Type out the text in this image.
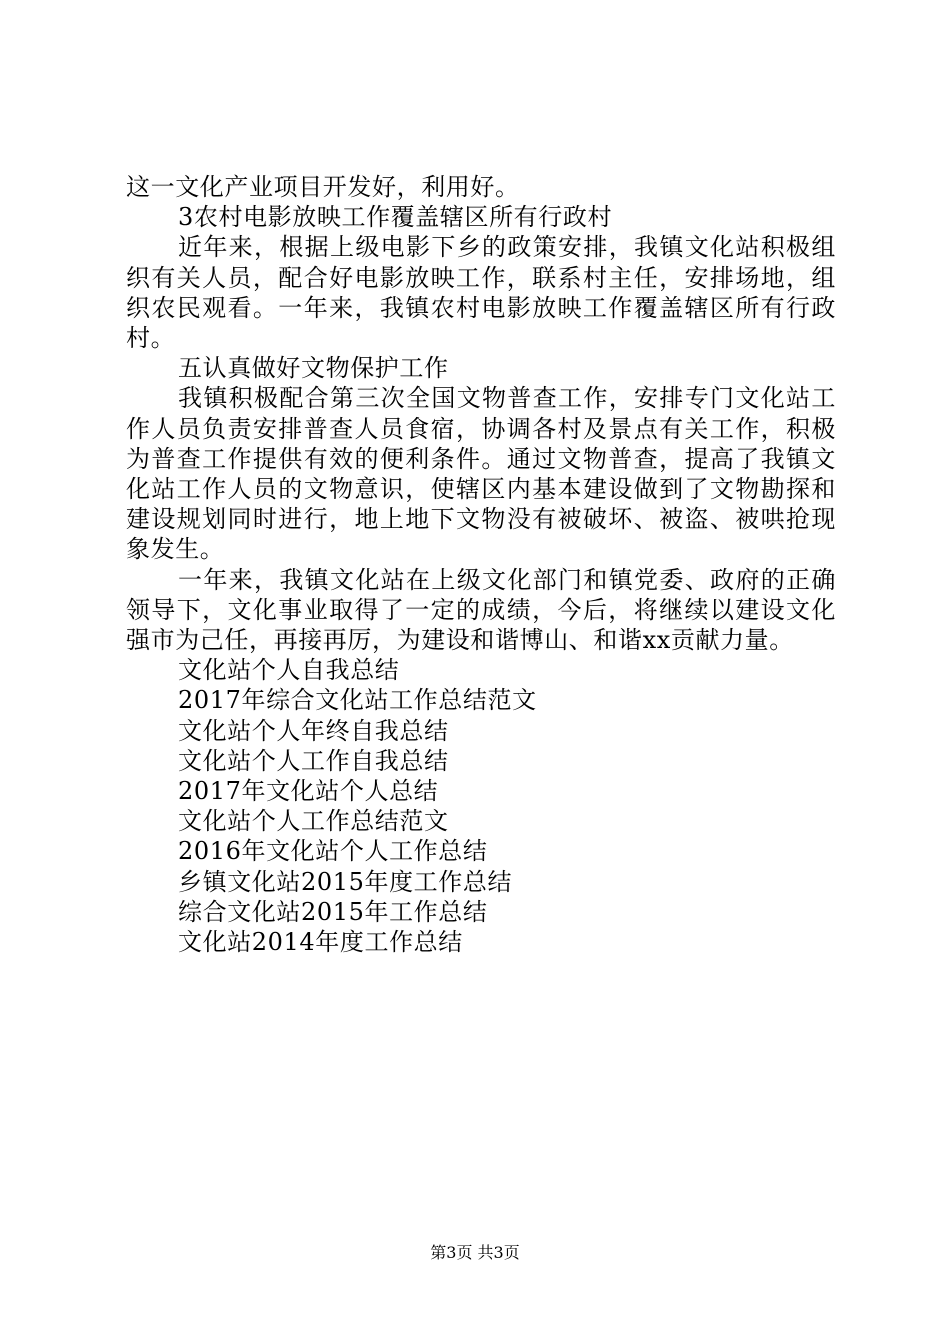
这一文化产业项目开发好，利用好。

3农村电影放映工作覆盖辖区所有行政村

近年来，根据上级电影下乡的政策安排，我镇文化站积极组织有关人员，配合好电影放映工作，联系村主任，安排场地，组织农民观看。一年来，我镇农村电影放映工作覆盖辖区所有行政村。

五认真做好文物保护工作

我镇积极配合第三次全国文物普查工作，安排专门文化站工作人员负责安排普查人员食宿，协调各村及景点有关工作，积极为普查工作提供有效的便利条件。通过文物普查，提高了我镇文化站工作人员的文物意识，使辖区内基本建设做到了文物勘探和建设规划同时进行，地上地下文物没有被破坏、被盗、被哄抢现象发生。

一年来，我镇文化站在上级文化部门和镇党委、政府的正确领导下，文化事业取得了一定的成绩，今后，将继续以建设文化强市为己任，再接再厉，为建设和谐博山、和谐xx贡献力量。

文化站个人自我总结
2017年综合文化站工作总结范文
文化站个人年终自我总结
文化站个人工作自我总结
2017年文化站个人总结
文化站个人工作总结范文
2016年文化站个人工作总结
乡镇文化站2015年度工作总结
综合文化站2015年工作总结
文化站2014年度工作总结
第3页 共3页
